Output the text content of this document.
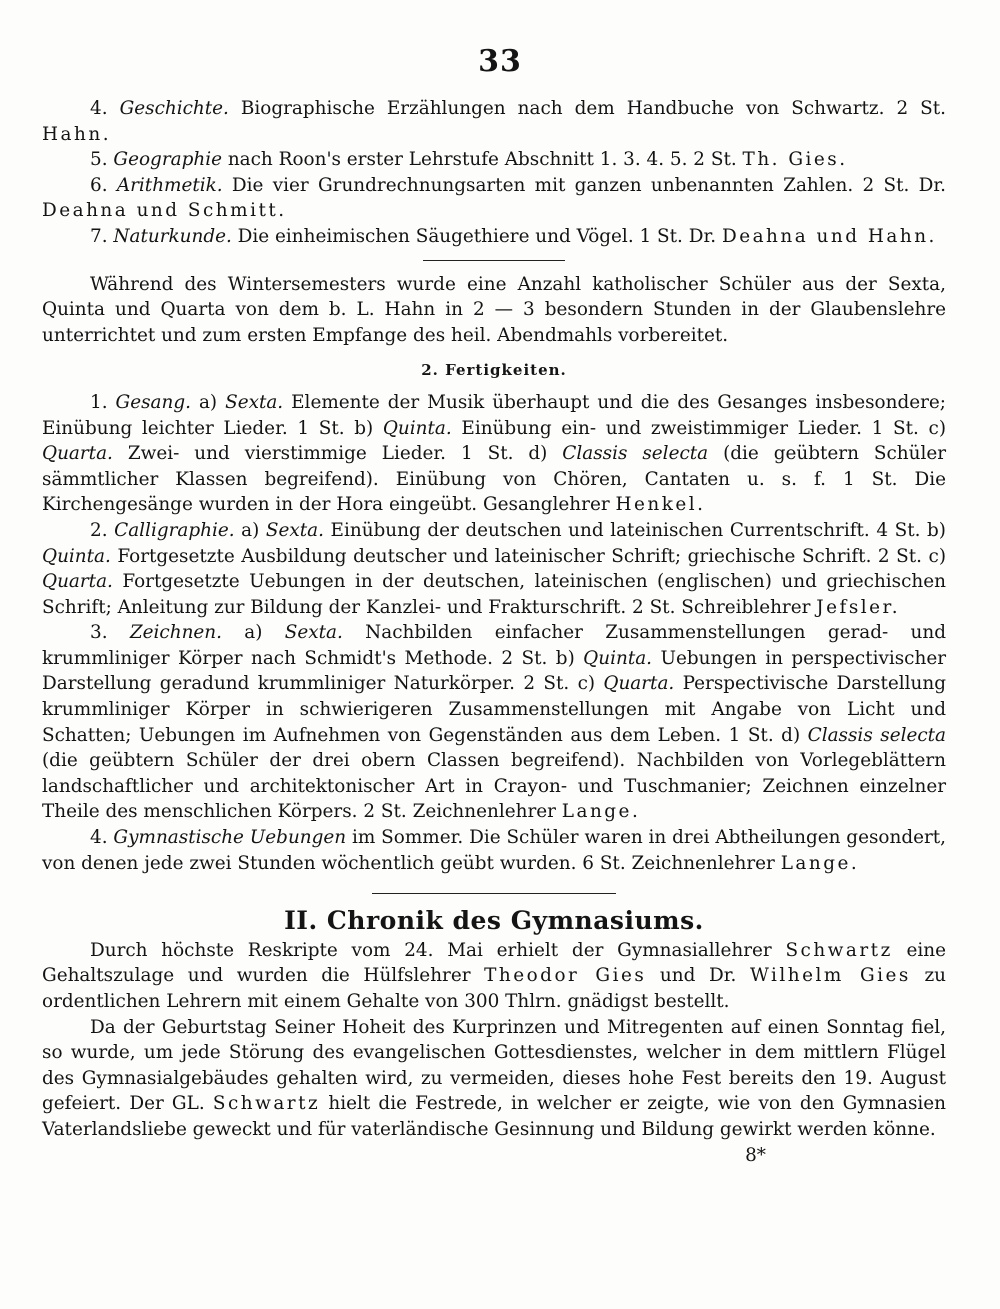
33

4. Geschichte. Biographische Erzählungen nach dem Handbuche von Schwartz. 2 St. Hahn.

5. Geographie nach Roon's erster Lehrstufe Abschnitt 1. 3. 4. 5. 2 St. Th. Gies.

6. Arithmetik. Die vier Grundrechnungsarten mit ganzen unbenannten Zahlen. 2 St. Dr. Deahna und Schmitt.

7. Naturkunde. Die einheimischen Säugethiere und Vögel. 1 St. Dr. Deahna und Hahn.

Während des Wintersemesters wurde eine Anzahl katholischer Schüler aus der Sexta, Quinta und Quarta von dem b. L. Hahn in 2 — 3 besondern Stunden in der Glaubenslehre unterrichtet und zum ersten Empfange des heil. Abendmahls vorbereitet.

2. Fertigkeiten.

1. Gesang. a) Sexta. Elemente der Musik überhaupt und die des Gesanges insbesondere; Einübung leichter Lieder. 1 St. b) Quinta. Einübung ein- und zweistimmiger Lieder. 1 St. c) Quarta. Zwei- und vierstimmige Lieder. 1 St. d) Classis selecta (die geübtern Schüler sämmtlicher Klassen begreifend). Einübung von Chören, Cantaten u. s. f. 1 St. Die Kirchengesänge wurden in der Hora eingeübt. Gesanglehrer Henkel.

2. Calligraphie. a) Sexta. Einübung der deutschen und lateinischen Currentschrift. 4 St. b) Quinta. Fortgesetzte Ausbildung deutscher und lateinischer Schrift; griechische Schrift. 2 St. c) Quarta. Fortgesetzte Uebungen in der deutschen, lateinischen (englischen) und griechischen Schrift; Anleitung zur Bildung der Kanzlei- und Frakturschrift. 2 St. Schreiblehrer Jefsler.

3. Zeichnen. a) Sexta. Nachbilden einfacher Zusammenstellungen gerad- und krummliniger Körper nach Schmidt's Methode. 2 St. b) Quinta. Uebungen in perspectivischer Darstellung geradund krummliniger Naturkörper. 2 St. c) Quarta. Perspectivische Darstellung krummliniger Körper in schwierigeren Zusammenstellungen mit Angabe von Licht und Schatten; Uebungen im Aufnehmen von Gegenständen aus dem Leben. 1 St. d) Classis selecta (die geübtern Schüler der drei obern Classen begreifend). Nachbilden von Vorlegeblättern landschaftlicher und architektonischer Art in Crayon- und Tuschmanier; Zeichnen einzelner Theile des menschlichen Körpers. 2 St. Zeichnenlehrer Lange.

4. Gymnastische Uebungen im Sommer. Die Schüler waren in drei Abtheilungen gesondert, von denen jede zwei Stunden wöchentlich geübt wurden. 6 St. Zeichnenlehrer Lange.

II. Chronik des Gymnasiums.

Durch höchste Reskripte vom 24. Mai erhielt der Gymnasiallehrer Schwartz eine Gehaltszulage und wurden die Hülfslehrer Theodor Gies und Dr. Wilhelm Gies zu ordentlichen Lehrern mit einem Gehalte von 300 Thlrn. gnädigst bestellt.

Da der Geburtstag Seiner Hoheit des Kurprinzen und Mitregenten auf einen Sonntag fiel, so wurde, um jede Störung des evangelischen Gottesdienstes, welcher in dem mittlern Flügel des Gymnasialgebäudes gehalten wird, zu vermeiden, dieses hohe Fest bereits den 19. August gefeiert. Der GL. Schwartz hielt die Festrede, in welcher er zeigte, wie von den Gymnasien Vaterlandsliebe geweckt und für vaterländische Gesinnung und Bildung gewirkt werden könne.

8*
